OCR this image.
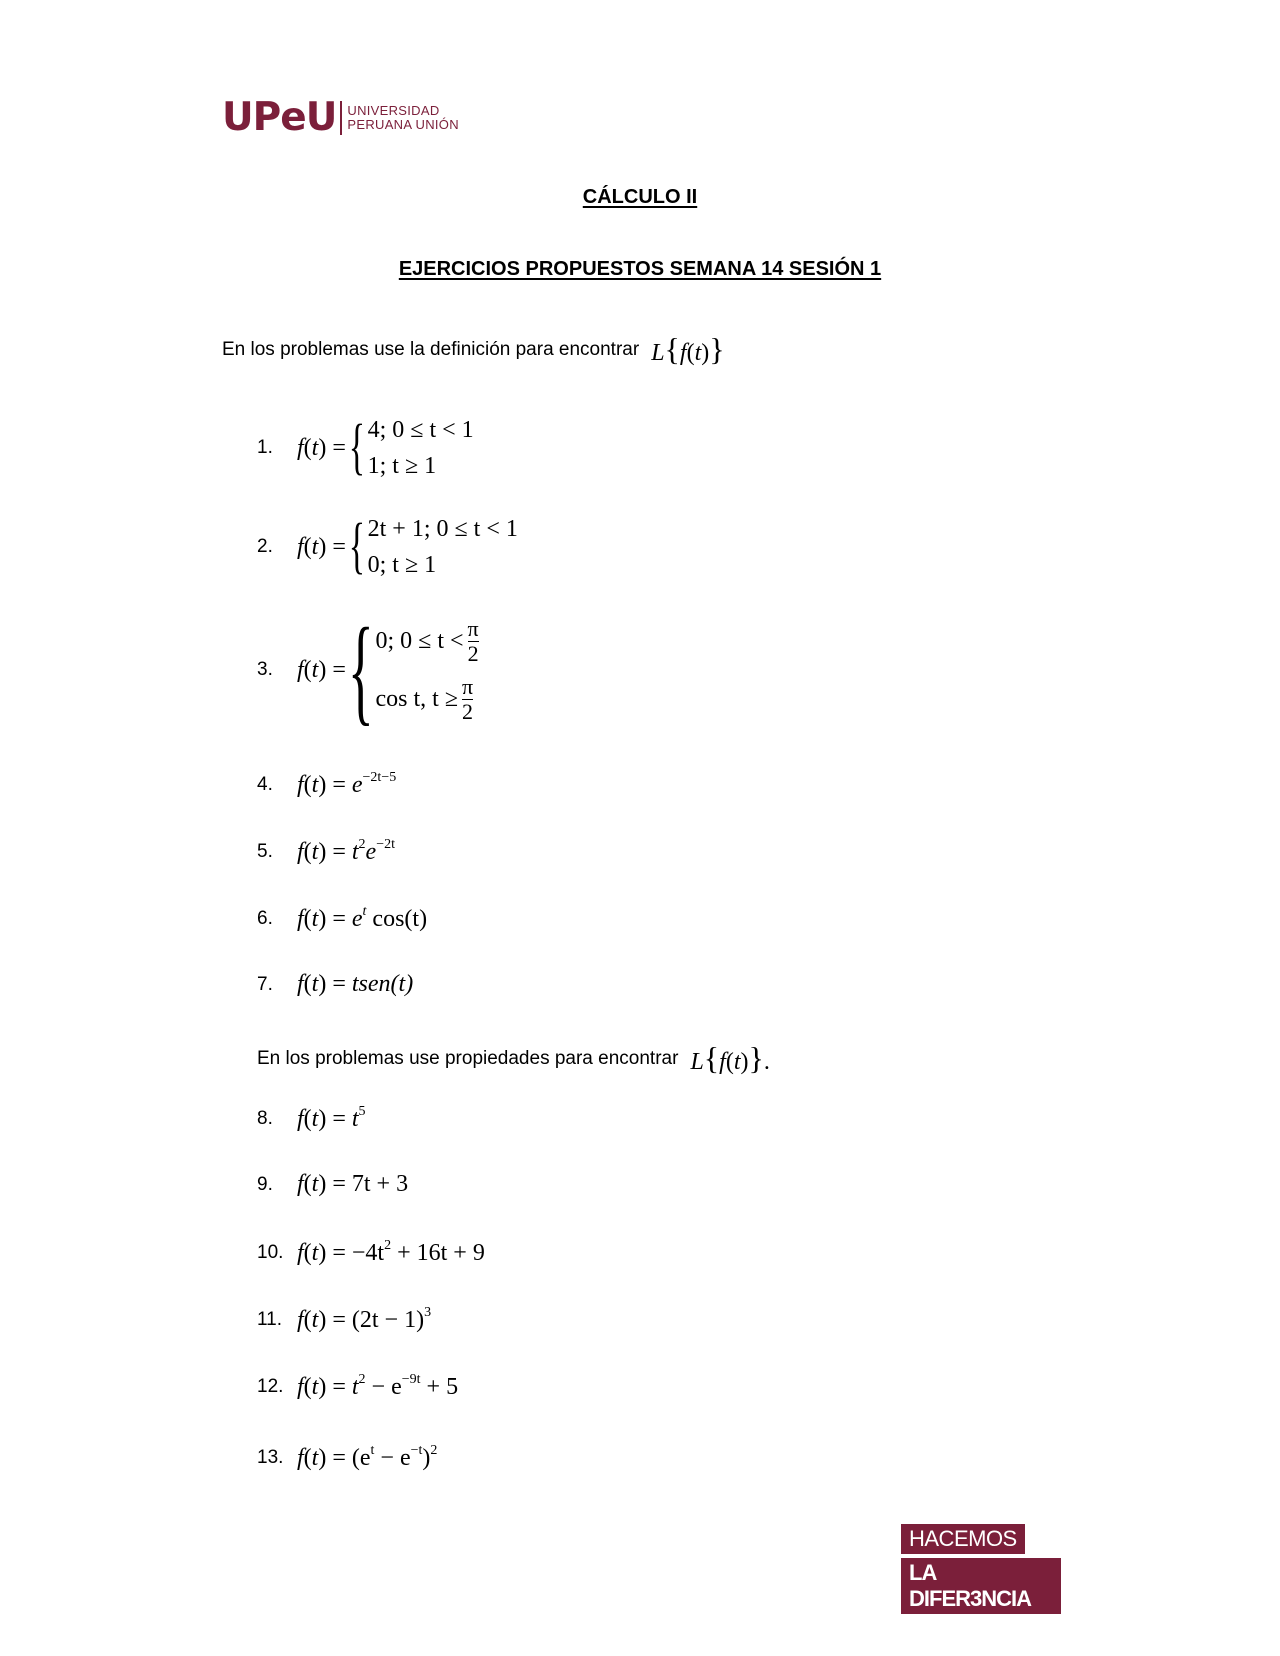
UPeU UNIVERSIDAD
PERUANA UNIÓN
CÁLCULO II
EJERCICIOS PROPUESTOS SEMANA 14 SESIÓN 1
En los problemas use la definición para encontrar L{f(t)}
1.	f(t) = { 4; 0 ≤ t < 1
1; t ≥ 1
2.	f(t) = { 2t + 1; 0 ≤ t < 1
0; t ≥ 1
3.	f(t) = { 0; $0 \le t < \frac{\pi}{2}$
cos t, $t \ge \frac{\pi}{2}$
4.	$f(t) = e^{-2t-5}$
5.	$f(t) = t^2e^{-2t}$
6.	$f(t) = e^t$ cos(t)
7.	f(t) = tsen(t)
En los problemas use propiedades para encontrar L{f(t)}.
8.	$f(t) = t^5$
9.	f(t) = 7t + 3
10. $f(t) = -4t^2 + 16t + 9$
11. $f(t) = (2t - 1)^3$
12. $f(t) = t^2 - e^{-9t} + 5$
13. $f(t) = (e^t - e^{-t})^2$
HACEMOS
LA DIFER3NCIA
